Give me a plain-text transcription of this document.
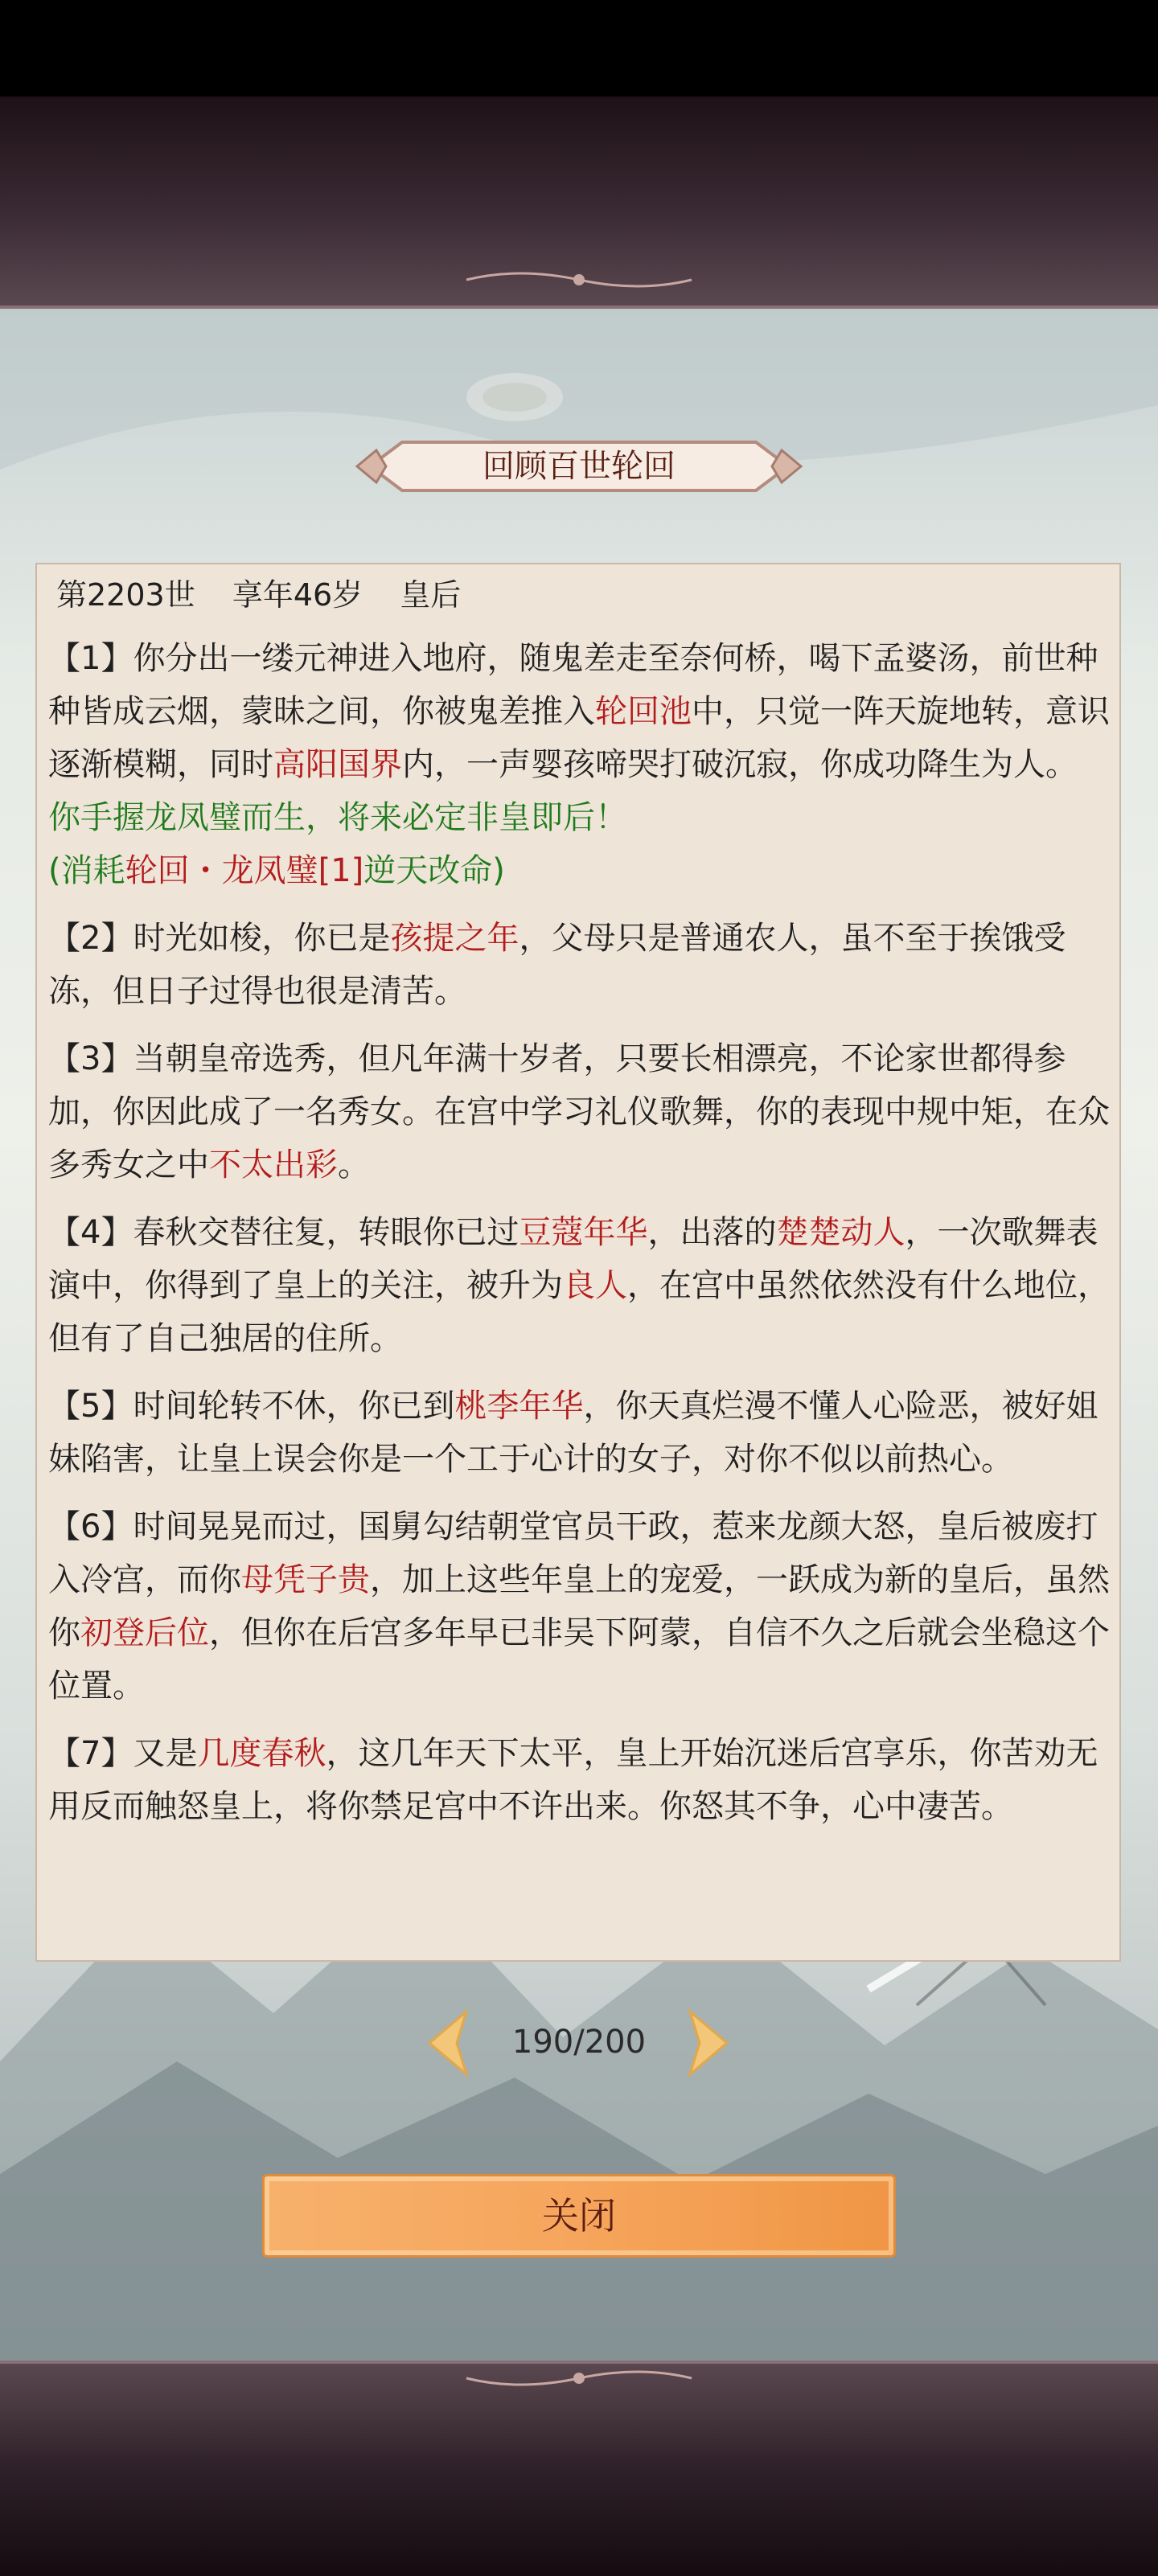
回顾百世轮回
第2203世 享年46岁 皇后
【1】你分出一缕元神进入地府，随鬼差走至奈何桥，喝下孟婆汤，前世种种皆成云烟，蒙昧之间，你被鬼差推入轮回池中，只觉一阵天旋地转，意识逐渐模糊，同时高阳国界内，一声婴孩啼哭打破沉寂，你成功降生为人。
你手握龙凤璧而生，将来必定非皇即后！
(消耗轮回・龙凤璧[1]逆天改命)
【2】时光如梭，你已是孩提之年，父母只是普通农人，虽不至于挨饿受冻，但日子过得也很是清苦。
【3】当朝皇帝选秀，但凡年满十岁者，只要长相漂亮，不论家世都得参加，你因此成了一名秀女。在宫中学习礼仪歌舞，你的表现中规中矩，在众多秀女之中不太出彩。
【4】春秋交替往复，转眼你已过豆蔻年华，出落的楚楚动人，一次歌舞表演中，你得到了皇上的关注，被升为良人，在宫中虽然依然没有什么地位，但有了自己独居的住所。
【5】时间轮转不休，你已到桃李年华，你天真烂漫不懂人心险恶，被好姐妹陷害，让皇上误会你是一个工于心计的女子，对你不似以前热心。
【6】时间晃晃而过，国舅勾结朝堂官员干政，惹来龙颜大怒，皇后被废打入冷宫，而你母凭子贵，加上这些年皇上的宠爱，一跃成为新的皇后，虽然你初登后位，但你在后宫多年早已非吴下阿蒙，自信不久之后就会坐稳这个位置。
【7】又是几度春秋，这几年天下太平，皇上开始沉迷后宫享乐，你苦劝无用反而触怒皇上，将你禁足宫中不许出来。你怒其不争，心中凄苦。
190/200
关闭
